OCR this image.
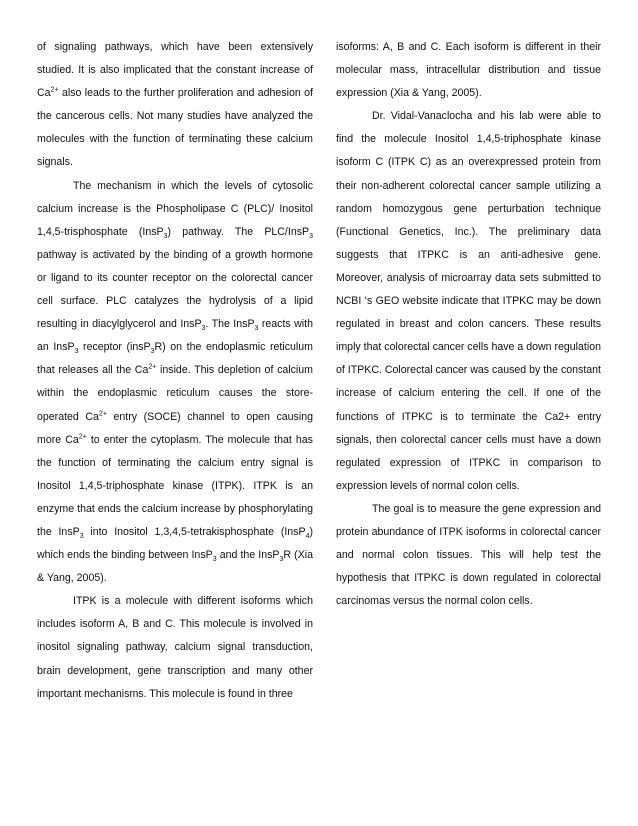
of signaling pathways, which have been extensively studied. It is also implicated that the constant increase of $Ca^{2+}$ also leads to the further proliferation and adhesion of the cancerous cells. Not many studies have analyzed the molecules with the function of terminating these calcium signals.

The mechanism in which the levels of cytosolic calcium increase is the Phospholipase C (PLC)/ Inositol 1,4,5-trisphosphate (InsP$_3$) pathway. The PLC/InsP$_3$ pathway is activated by the binding of a growth hormone or ligand to its counter receptor on the colorectal cancer cell surface. PLC catalyzes the hydrolysis of a lipid resulting in diacylglycerol and InsP$_3$. The InsP$_3$ reacts with an InsP$_3$ receptor (insP$_3$R) on the endoplasmic reticulum that releases all the $Ca^{2+}$ inside. This depletion of calcium within the endoplasmic reticulum causes the store-operated $Ca^{2+}$ entry (SOCE) channel to open causing more $Ca^{2+}$ to enter the cytoplasm. The molecule that has the function of terminating the calcium entry signal is Inositol 1,4,5-triphosphate kinase (ITPK). ITPK is an enzyme that ends the calcium increase by phosphorylating the InsP$_3$ into Inositol 1,3,4,5-tetrakisphosphate (InsP$_4$) which ends the binding between InsP$_3$ and the InsP$_3$R (Xia & Yang, 2005).

ITPK is a molecule with different isoforms which includes isoform A, B and C. This molecule is involved in inositol signaling pathway, calcium signal transduction, brain development, gene transcription and many other important mechanisms. This molecule is found in three

isoforms: A, B and C. Each isoform is different in their molecular mass, intracellular distribution and tissue expression (Xia & Yang, 2005).

Dr. Vidal-Vanaclocha and his lab were able to find the molecule Inositol 1,4,5-triphosphate kinase isoform C (ITPK C) as an overexpressed protein from their non-adherent colorectal cancer sample utilizing a random homozygous gene perturbation technique (Functional Genetics, Inc.). The preliminary data suggests that ITPKC is an anti-adhesive gene. Moreover, analysis of microarray data sets submitted to NCBI ‘s GEO website indicate that ITPKC may be down regulated in breast and colon cancers. These results imply that colorectal cancer cells have a down regulation of ITPKC. Colorectal cancer was caused by the constant increase of calcium entering the cell. If one of the functions of ITPKC is to terminate the Ca2+ entry signals, then colorectal cancer cells must have a down regulated expression of ITPKC in comparison to expression levels of normal colon cells.

The goal is to measure the gene expression and protein abundance of ITPK isoforms in colorectal cancer and normal colon tissues. This will help test the hypothesis that ITPKC is down regulated in colorectal carcinomas versus the normal colon cells.
